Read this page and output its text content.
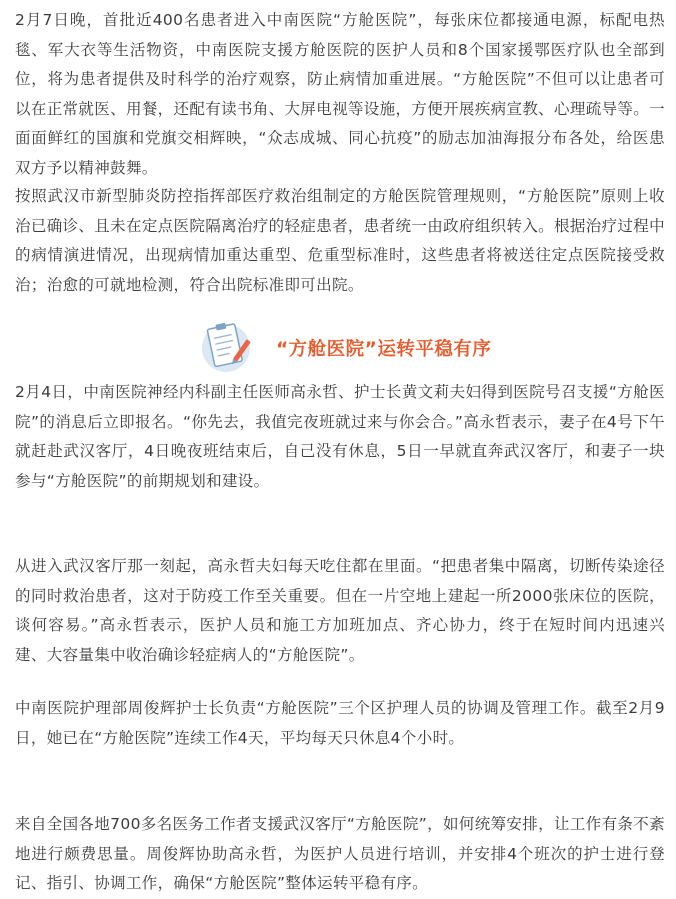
2月7日晚，首批近400名患者进入中南医院“方舱医院”，每张床位都接通电源，标配电热毯、军大衣等生活物资，中南医院支援方舱医院的医护人员和8个国家援鄂医疗队也全部到位，将为患者提供及时科学的治疗观察，防止病情加重进展。“方舱医院”不但可以让患者可以在正常就医、用餐，还配有读书角、大屏电视等设施，方便开展疾病宣教、心理疏导等。一面面鲜红的国旗和党旗交相辉映，“众志成城、同心抗疫”的励志加油海报分布各处，给医患双方予以精神鼓舞。

按照武汉市新型肺炎防控指挥部医疗救治组制定的方舱医院管理规则，“方舱医院”原则上收治已确诊、且未在定点医院隔离治疗的轻症患者，患者统一由政府组织转入。根据治疗过程中的病情演进情况，出现病情加重达重型、危重型标准时，这些患者将被送往定点医院接受救治；治愈的可就地检测，符合出院标准即可出院。

“方舱医院”运转平稳有序

2月4日，中南医院神经内科副主任医师高永哲、护士长黄文莉夫妇得到医院号召支援“方舱医院”的消息后立即报名。“你先去，我值完夜班就过来与你会合。”高永哲表示，妻子在4号下午就赶赴武汉客厅，4日晚夜班结束后，自己没有休息，5日一早就直奔武汉客厅，和妻子一块参与“方舱医院”的前期规划和建设。

从进入武汉客厅那一刻起，高永哲夫妇每天吃住都在里面。“把患者集中隔离，切断传染途径的同时救治患者，这对于防疫工作至关重要。但在一片空地上建起一所2000张床位的医院，谈何容易。”高永哲表示，医护人员和施工方加班加点、齐心协力，终于在短时间内迅速兴建、大容量集中收治确诊轻症病人的“方舱医院”。

中南医院护理部周俊辉护士长负责“方舱医院”三个区护理人员的协调及管理工作。截至2月9日，她已在“方舱医院”连续工作4天，平均每天只休息4个小时。

来自全国各地700多名医务工作者支援武汉客厅“方舱医院”，如何统筹安排，让工作有条不紊地进行颇费思量。周俊辉协助高永哲，为医护人员进行培训，并安排4个班次的护士进行登记、指引、协调工作，确保“方舱医院”整体运转平稳有序。
